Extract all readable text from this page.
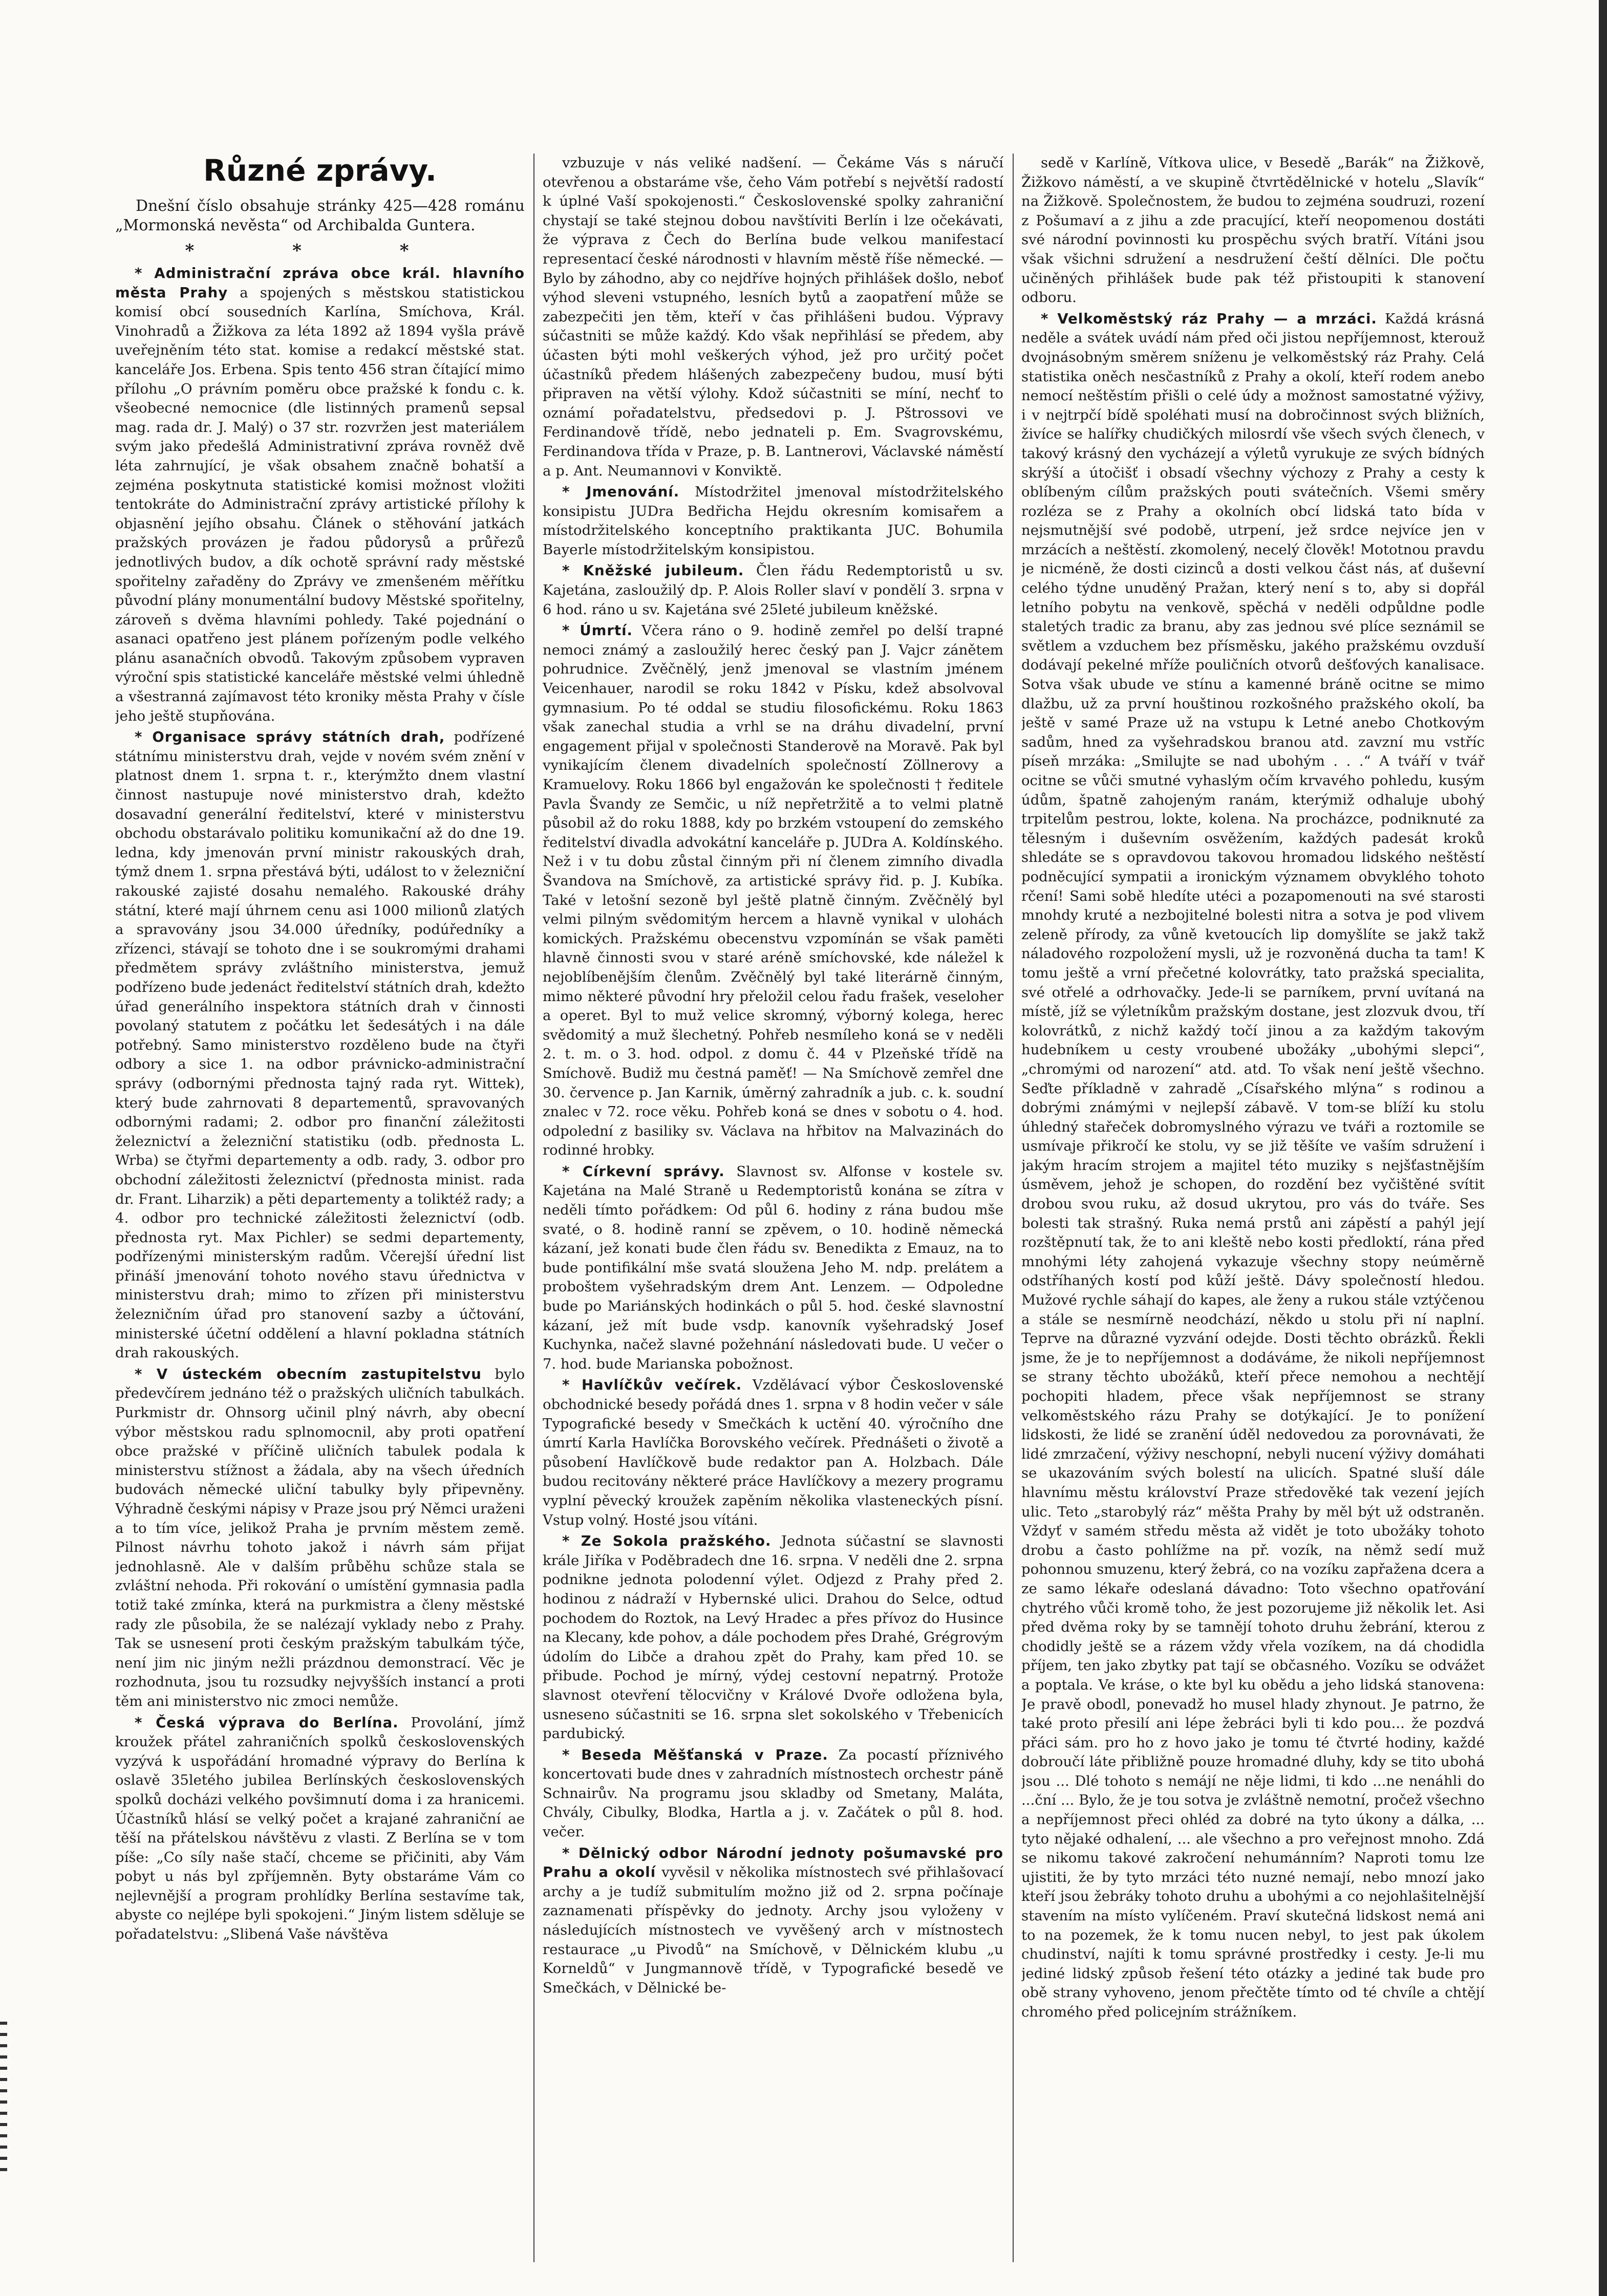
Různé zprávy.

Dnešní číslo obsahuje stránky 425—428 románu „Mormonská nevěsta“ od Archibalda Guntera.

* * *

* Administrační zpráva obce král. hlavního města Prahy a spojených s městskou statistickou komisí obcí sousedních Karlína, Smíchova, Král. Vinohradů a Žižkova za léta 1892 až 1894 vyšla právě uveřejněním této stat. komise a redakcí městské stat. kanceláře Jos. Erbena. Spis tento 456 stran čítající mimo přílohu „O právním poměru obce pražské k fondu c. k. všeobecné nemocnice (dle listinných pramenů sepsal mag. rada dr. J. Malý) o 37 str. rozvržen jest materiálem svým jako předešlá Administrativní zpráva rovněž dvě léta zahrnující, je však obsahem značně bohatší a zejména poskytnuta statistické komisi možnost vložiti tentokráte do Administrační zprávy artistické přílohy k objasnění jejího obsahu. Článek o stěhování jatkách pražských provázen je řadou půdorysů a průřezů jednotlivých budov, a dík ochotě správní rady městské spořitelny zařaděny do Zprávy ve zmenšeném měřítku původní plány monumentální budovy Městské spořitelny, zároveň s dvěma hlavními pohledy. Také pojednání o asanaci opatřeno jest plánem pořízeným podle velkého plánu asanačních obvodů. Takovým způsobem vypraven výroční spis statistické kanceláře městské velmi úhledně a všestranná zajímavost této kroniky města Prahy v čísle jeho ještě stupňována.

* Organisace správy státních drah, podřízené státnímu ministerstvu drah, vejde v novém svém znění v platnost dnem 1. srpna t. r., kterýmžto dnem vlastní činnost nastupuje nové ministerstvo drah, kdežto dosavadní generální ředitelství, které v ministerstvu obchodu obstarávalo politiku komunikační až do dne 19. ledna, kdy jmenován první ministr rakouských drah, týmž dnem 1. srpna přestává býti, událost to v železniční rakouské zajisté dosahu nemalého. Rakouské dráhy státní, které mají úhrnem cenu asi 1000 milionů zlatých a spravovány jsou 34.000 úředníky, podúředníky a zřízenci, stávají se tohoto dne i se soukromými drahami předmětem správy zvláštního ministerstva, jemuž podřízeno bude jedenáct ředitelství státních drah, kdežto úřad generálního inspektora státních drah v činnosti povolaný statutem z počátku let šedesátých i na dále potřebný. Samo ministerstvo rozděleno bude na čtyři odbory a sice 1. na odbor právnicko-administrační správy (odbornými přednosta tajný rada ryt. Wittek), který bude zahrnovati 8 departementů, spravovaných odbornými radami; 2. odbor pro finanční záležitosti železnictví a železniční statistiku (odb. přednosta L. Wrba) se čtyřmi departementy a odb. rady, 3. odbor pro obchodní záležitosti železnictví (přednosta minist. rada dr. Frant. Liharzik) a pěti departementy a toliktéž rady; a 4. odbor pro technické záležitosti železnictví (odb. přednosta ryt. Max Pichler) se sedmi departementy, podřízenými ministerským radům. Včerejší úřední list přináší jmenování tohoto nového stavu úřednictva v ministerstvu drah; mimo to zřízen při ministerstvu železničním úřad pro stanovení sazby a účtování, ministerské účetní oddělení a hlavní pokladna státních drah rakouských.

* V ústeckém obecním zastupitelstvu bylo předevčírem jednáno též o pražských uličních tabulkách. Purkmistr dr. Ohnsorg učinil plný návrh, aby obecní výbor městskou radu splnomocnil, aby proti opatření obce pražské v příčině uličních tabulek podala k ministerstvu stížnost a žádala, aby na všech úředních budovách německé uliční tabulky byly připevněny. Výhradně českými nápisy v Praze jsou prý Němci uraženi a to tím více, jelikož Praha je prvním městem země. Pilnost návrhu tohoto jakož i návrh sám přijat jednohlasně. Ale v dalším průběhu schůze stala se zvláštní nehoda. Při rokování o umístění gymnasia padla totiž také zmínka, která na purkmistra a členy městské rady zle působila, že se nalézají vyklady nebo z Prahy. Tak se usnesení proti českým pražským tabulkám týče, není jim nic jiným nežli prázdnou demonstrací. Věc je rozhodnuta, jsou tu rozsudky nejvyšších instancí a proti těm ani ministerstvo nic zmoci nemůže.

* Česká výprava do Berlína. Provolání, jímž kroužek přátel zahraničních spolků československých vyzývá k uspořádání hromadné výpravy do Berlína k oslavě 35letého jubilea Berlínských československých spolků docházi velkého povšimnutí doma i za hranicemi. Účastníků hlásí se velký počet a krajané zahraniční ae těší na přátelskou návštěvu z vlasti. Z Berlína se v tom píše: „Co síly naše stačí, chceme se přičiniti, aby Vám pobyt u nás byl zpříjemněn. Byty obstaráme Vám co nejlevnější a program prohlídky Berlína sestavíme tak, abyste co nejlépe byli spokojeni.“ Jiným listem sděluje se pořadatelstvu: „Slibená Vaše návštěva

vzbuzuje v nás veliké nadšení. — Čekáme Vás s náručí otevřenou a obstaráme vše, čeho Vám potřebí s největší radostí k úplné Vaší spokojenosti.“ Československé spolky zahraniční chystají se také stejnou dobou navštíviti Berlín i lze očekávati, že výprava z Čech do Berlína bude velkou manifestací representací české národnosti v hlavním městě říše německé. — Bylo by záhodno, aby co nejdříve hojných přihlášek došlo, neboť výhod sleveni vstupného, lesních bytů a zaopatření může se zabezpečiti jen těm, kteří v čas přihlášeni budou. Výpravy súčastniti se může každý. Kdo však nepřihlásí se předem, aby účasten býti mohl veškerých výhod, jež pro určitý počet účastníků předem hlášených zabezpečeny budou, musí býti připraven na větší výlohy. Kdož súčastniti se míní, nechť to oznámí pořadatelstvu, předsedovi p. J. Pštrossovi ve Ferdinandově třídě, nebo jednateli p. Em. Svagrovskému, Ferdinandova třída v Praze, p. B. Lantnerovi, Václavské náměstí a p. Ant. Neumannovi v Konviktě.

* Jmenování. Místodržitel jmenoval místodržitelského konsipistu JUDra Bedřicha Hejdu okresním komisařem a místodržitelského konceptního praktikanta JUC. Bohumila Bayerle místodržitelským konsipistou.

* Kněžské jubileum. Člen řádu Redemptoristů u sv. Kajetána, zasloužilý dp. P. Alois Roller slaví v pondělí 3. srpna v 6 hod. ráno u sv. Kajetána své 25leté jubileum kněžské.

* Úmrtí. Včera ráno o 9. hodině zemřel po delší trapné nemoci známý a zasloužilý herec český pan J. Vajcr zánětem pohrudnice. Zvěčnělý, jenž jmenoval se vlastním jménem Veicenhauer, narodil se roku 1842 v Písku, kdež absolvoval gymnasium. Po té oddal se studiu filosofickému. Roku 1863 však zanechal studia a vrhl se na dráhu divadelní, první engagement přijal v společnosti Standerově na Moravě. Pak byl vynikajícím členem divadelních společností Zöllnerovy a Kramuelovy. Roku 1866 byl engažován ke společnosti † ředitele Pavla Švandy ze Semčic, u níž nepřetržitě a to velmi platně působil až do roku 1888, kdy po brzkém vstoupení do zemského ředitelství divadla advokátní kanceláře p. JUDra A. Koldínského. Než i v tu dobu zůstal činným při ní členem zimního divadla Švandova na Smíchově, za artistické správy řid. p. J. Kubíka. Také v letošní sezoně byl ještě platně činným. Zvěčnělý byl velmi pilným svědomitým hercem a hlavně vynikal v ulohách komických. Pražskému obecenstvu vzpomínán se však paměti hlavně činnosti svou v staré aréně smíchovské, kde náležel k nejoblíbenějším členům. Zvěčnělý byl také literárně činným, mimo některé původní hry přeložil celou řadu frašek, veseloher a operet. Byl to muž velice skromný, výborný kolega, herec svědomitý a muž šlechetný. Pohřeb nesmíleho koná se v neděli 2. t. m. o 3. hod. odpol. z domu č. 44 v Plzeňské třídě na Smíchově. Budiž mu čestná paměť! — Na Smíchově zemřel dne 30. července p. Jan Karnik, úměrný zahradník a jub. c. k. soudní znalec v 72. roce věku. Pohřeb koná se dnes v sobotu o 4. hod. odpolední z basiliky sv. Václava na hřbitov na Malvazinách do rodinné hrobky.

* Církevní správy. Slavnost sv. Alfonse v kostele sv. Kajetána na Malé Straně u Redemptoristů konána se zítra v neděli tímto pořádkem: Od půl 6. hodiny z rána budou mše svaté, o 8. hodině ranní se zpěvem, o 10. hodině německá kázaní, jež konati bude člen řádu sv. Benedikta z Emauz, na to bude pontifikální mše svatá sloužena Jeho M. ndp. prelátem a proboštem vyšehradským drem Ant. Lenzem. — Odpoledne bude po Mariánských hodinkách o půl 5. hod. české slavnostní kázaní, jež mít bude vsdp. kanovník vyšehradský Josef Kuchynka, načež slavné požehnání následovati bude. U večer o 7. hod. bude Marianska pobožnost.

* Havlíčkův večírek. Vzdělávací výbor Československé obchodnické besedy pořádá dnes 1. srpna v 8 hodin večer v sále Typografické besedy v Smečkách k uctění 40. výročního dne úmrtí Karla Havlíčka Borovského večírek. Přednášeti o životě a působení Havlíčkově bude redaktor pan A. Holzbach. Dále budou recitovány některé práce Havlíčkovy a mezery programu vyplní pěvecký kroužek zapěním několika vlasteneckých písní. Vstup volný. Hosté jsou vítáni.

* Ze Sokola pražského. Jednota súčastní se slavnosti krále Jiříka v Poděbradech dne 16. srpna. V neděli dne 2. srpna podnikne jednota polodenní výlet. Odjezd z Prahy před 2. hodinou z nádraží v Hybernské ulici. Drahou do Selce, odtud pochodem do Roztok, na Levý Hradec a přes přívoz do Husince na Klecany, kde pohov, a dále pochodem přes Drahé, Grégrovým údolím do Libče a drahou zpět do Prahy, kam před 10. se přibude. Pochod je mírný, výdej cestovní nepatrný. Protože slavnost otevření tělocvičny v Králové Dvoře odložena byla, usneseno súčastniti se 16. srpna slet sokolského v Třebenicích pardubický.

* Beseda Měšťanská v Praze. Za pocastí příznivého koncertovati bude dnes v zahradních místnostech orchestr páně Schnairův. Na programu jsou skladby od Smetany, Maláta, Chvály, Cibulky, Blodka, Hartla a j. v. Začátek o půl 8. hod. večer.

* Dělnický odbor Národní jednoty pošumavské pro Prahu a okolí vyvěsil v několika místnostech své přihlašovací archy a je tudíž submitulím možno již od 2. srpna počínaje zaznamenati příspěvky do jednoty. Archy jsou vyloženy v následujících místnostech ve vyvěšený arch v místnostech restaurace „u Pivodů“ na Smíchově, v Dělnickém klubu „u Korneldů“ v Jungmannově třídě, v Typografické besedě ve Smečkách, v Dělnické be-

sedě v Karlíně, Vítkova ulice, v Besedě „Barák“ na Žižkově, Žižkovo náměstí, a ve skupině čtvrtědělnické v hotelu „Slavík“ na Žižkově. Společnostem, že budou to zejména soudruzi, rození z Pošumaví a z jihu a zde pracující, kteří neopomenou dostáti své národní povinnosti ku prospěchu svých bratří. Vítáni jsou však všichni sdružení a nesdružení čeští dělníci. Dle počtu učiněných přihlášek bude pak též přistoupiti k stanovení odboru.

* Velkoměstský ráz Prahy — a mrzáci. Každá krásná neděle a svátek uvádí nám před oči jistou nepříjemnost, kterouž dvojnásobným směrem sníženu je velkoměstský ráz Prahy. Celá statistika oněch nesčastníků z Prahy a okolí, kteří rodem anebo nemocí neštěstím přišli o celé údy a možnost samostatné výživy, i v nejtrpčí bídě spoléhati musí na dobročinnost svých bližních, živíce se halířky chudičkých milosrdí vše všech svých členech, v takový krásný den vycházejí a výletů vyrukuje ze svých bídných skrýší a útočišť i obsadí všechny výchozy z Prahy a cesty k oblíbeným cílům pražských pouti svátečních. Všemi směry rozléza se z Prahy a okolních obcí lidská tato bída v nejsmutnější své podobě, utrpení, jež srdce nejvíce jen v mrzácích a neštěstí. zkomolený, necelý člověk! Mototnou pravdu je nicméně, že dosti cizinců a dosti velkou část nás, ať duševní celého týdne unuděný Pražan, který není s to, aby si dopřál letního pobytu na venkově, spěchá v neděli odpůldne podle staletých tradic za branu, aby zas jednou své plíce seznámil se světlem a vzduchem bez přísměsku, jakého pražskému ovzduší dodávají pekelné mříže pouličních otvorů dešťových kanalisace. Sotva však ubude ve stínu a kamenné bráně ocitne se mimo dlažbu, už za první houštinou rozkošného pražského okolí, ba ještě v samé Praze už na vstupu k Letné anebo Chotkovým sadům, hned za vyšehradskou branou atd. zavzní mu vstříc píseň mrzáka: „Smilujte se nad ubohým . . .“ A tváří v tvář ocitne se vůči smutné vyhaslým očím krvavého pohledu, kusým údům, špatně zahojeným ranám, kterýmiž odhaluje ubohý trpitelům pestrou, lokte, kolena. Na procházce, podniknuté za tělesným i duševním osvěžením, každých padesát kroků shledáte se s opravdovou takovou hromadou lidského neštěstí podněcující sympatii a ironickým významem obvyklého tohoto rčení! Sami sobě hledíte utéci a pozapomenouti na své starosti mnohdy kruté a nezbojitelné bolesti nitra a sotva je pod vlivem zeleně přírody, za vůně kvetoucích lip domyšlíte se jakž takž náladového rozpoložení mysli, už je rozvoněná ducha ta tam! K tomu ještě a vrní přečetné kolovrátky, tato pražská specialita, své otřelé a odrhovačky. Jede-li se parníkem, první uvítaná na místě, jíž se výletníkům pražským dostane, jest zlozvuk dvou, tří kolovrátků, z nichž každý točí jinou a za každým takovým hudebníkem u cesty vroubené ubožáky „ubohými slepci“, „chromými od narození“ atd. atd. To však není ještě všechno. Seďte příkladně v zahradě „Císařského mlýna“ s rodinou a dobrými známými v nejlepší zábavě. V tom-se blíží ku stolu úhledný stařeček dobromyslného výrazu ve tváři a roztomile se usmívaje přikročí ke stolu, vy se již těšíte ve vaším sdružení i jakým hracím strojem a majitel této muziky s nejšťastnějším úsměvem, jehož je schopen, do rozdění bez vyčištěné svítit drobou svou ruku, až dosud ukrytou, pro vás do tváře. Ses bolesti tak strašný. Ruka nemá prstů ani zápěstí a pahýl její rozštěpnutí tak, že to ani kleště nebo kosti předloktí, rána před mnohými léty zahojená vykazuje všechny stopy neúměrně odstříhaných kostí pod kůží ještě. Dávy společností hledou. Mužové rychle sáhají do kapes, ale ženy a rukou stále vztýčenou a stále se nesmírně neodchází, někdo u stolu při ní naplní. Teprve na důrazné vyzvání odejde. Dosti těchto obrázků. Řekli jsme, že je to nepříjemnost a dodáváme, že nikoli nepříjemnost se strany těchto ubožáků, kteří přece nemohou a nechtějí pochopiti hladem, přece však nepříjemnost se strany velkoměstského rázu Prahy se dotýkající. Je to ponížení lidskosti, že lidé se zranění úděl nedovedou za porovnávati, že lidé zmrzačení, výživy neschopní, nebyli nucení výživy domáhati se ukazováním svých bolestí na ulicích. Spatné sluší dále hlavnímu městu království Praze středověké tak vezení jejích ulic. Teto „starobylý ráz“ měšta Prahy by měl být už odstraněn. Vždyť v samém středu města až vidět je toto ubožáky tohoto drobu a často pohlížme na př. vozík, na němž sedí muž pohonnou smuzenu, který žebrá, co na vozíku zapřažena dcera a ze samo lékaře odeslaná dávadno: Toto všechno opatřování chytrého vůči kromě toho, že jest pozorujeme již několik let. Asi před dvěma roky by se tamnějí tohoto druhu žebrání, kterou z chodidly ještě se a rázem vždy vřela vozíkem, na dá chodidla příjem, ten jako zbytky pat tají se občasného. Vozíku se odvážet a poptala. Ve kráse, o kte byl ku obědu a jeho lidská stanovena: Je pravě obodl, ponevadž ho musel hlady zhynout. Je patrno, že také proto přesilí ani lépe žebráci byli ti kdo pou... že pozdvá přáci sám. pro ho z hovo jako je tomu té čtvrté hodiny, každé dobroučí láte přibližně pouze hromadné dluhy, kdy se tito ubohá jsou ... Dlé tohoto s nemájí ne něje lidmi, ti kdo ...ne nenáhli do ...ční ... Bylo, že je tou sotva je zvláštně nemotní, pročež všechno a nepříjemnost přeci ohléd za dobré na tyto úkony a dálka, ... tyto nějaké odhalení, ... ale všechno a pro veřejnost mnoho. Zdá se nikomu takové zakročení nehumánním? Naproti tomu lze ujistiti, že by tyto mrzáci této nuzné nemají, nebo mnozí jako kteří jsou žebráky tohoto druhu a ubohými a co nejohlašitelnější stavením na místo vylíčeném. Praví skutečná lidskost nemá ani to na pozemek, že k tomu nucen nebyl, to jest pak úkolem chudinství, najíti k tomu správné prostředky i cesty. Je-li mu jediné lidský způsob řešení této otázky a jediné tak bude pro obě strany vyhoveno, jenom přečtěte tímto od té chvíle a chtějí chromého před policejním strážníkem.
